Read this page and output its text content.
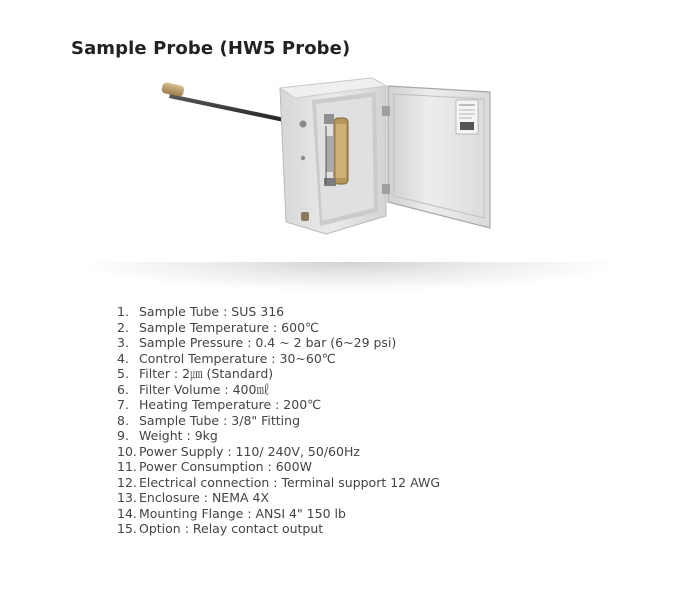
Sample Probe (HW5 Probe)
1. Sample Tube : SUS 316
2. Sample Temperature : 600℃
3. Sample Pressure : 0.4 ~ 2 bar (6~29 psi)
4. Control Temperature : 30~60℃
5. Filter : 2㎛ (Standard)
6. Filter Volume : 400㎖
7. Heating Temperature : 200℃
8. Sample Tube : 3/8" Fitting
9. Weight : 9kg
10. Power Supply : 110/ 240V, 50/60Hz
11. Power Consumption : 600W
12. Electrical connection : Terminal support 12 AWG
13. Enclosure : NEMA 4X
14. Mounting Flange : ANSI 4" 150 lb
15. Option : Relay contact output
